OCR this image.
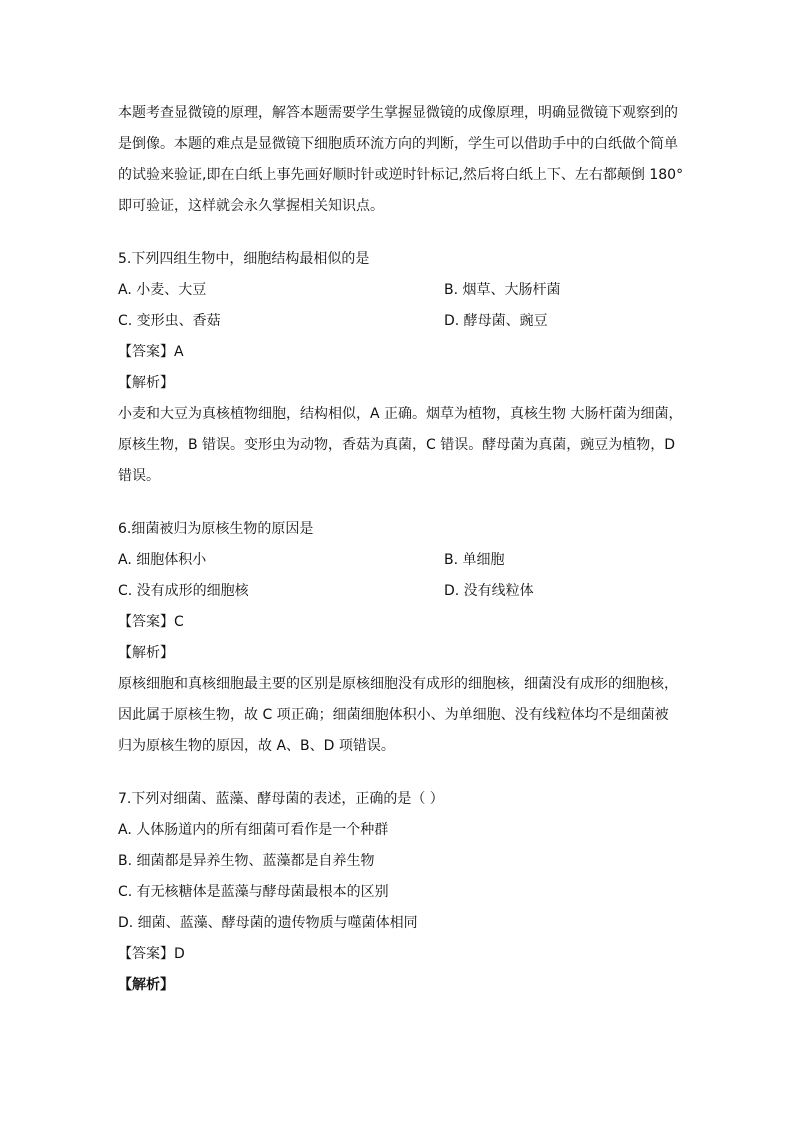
本题考查显微镜的原理，解答本题需要学生掌握显微镜的成像原理，明确显微镜下观察到的
是倒像。本题的难点是显微镜下细胞质环流方向的判断，学生可以借助手中的白纸做个简单
的试验来验证,即在白纸上事先画好顺时针或逆时针标记,然后将白纸上下、左右都颠倒 180°
即可验证，这样就会永久掌握相关知识点。
5.下列四组生物中，细胞结构最相似的是
A. 小麦、大豆	B. 烟草、大肠杆菌
C. 变形虫、香菇	D. 酵母菌、豌豆
【答案】A
【解析】
小麦和大豆为真核植物细胞，结构相似，A 正确。烟草为植物，真核生物 大肠杆菌为细菌，
原核生物，B 错误。变形虫为动物，香菇为真菌，C 错误。酵母菌为真菌，豌豆为植物，D
错误。
6.细菌被归为原核生物的原因是
A. 细胞体积小	B. 单细胞
C. 没有成形的细胞核	D. 没有线粒体
【答案】C
【解析】
原核细胞和真核细胞最主要的区别是原核细胞没有成形的细胞核，细菌没有成形的细胞核，
因此属于原核生物，故 C 项正确；细菌细胞体积小、为单细胞、没有线粒体均不是细菌被
归为原核生物的原因，故 A、B、D 项错误。
7.下列对细菌、蓝藻、酵母菌的表述，正确的是（ ）
A. 人体肠道内的所有细菌可看作是一个种群
B. 细菌都是异养生物、蓝藻都是自养生物
C. 有无核糖体是蓝藻与酵母菌最根本的区别
D. 细菌、蓝藻、酵母菌的遗传物质与噬菌体相同
【答案】D
【解析】
